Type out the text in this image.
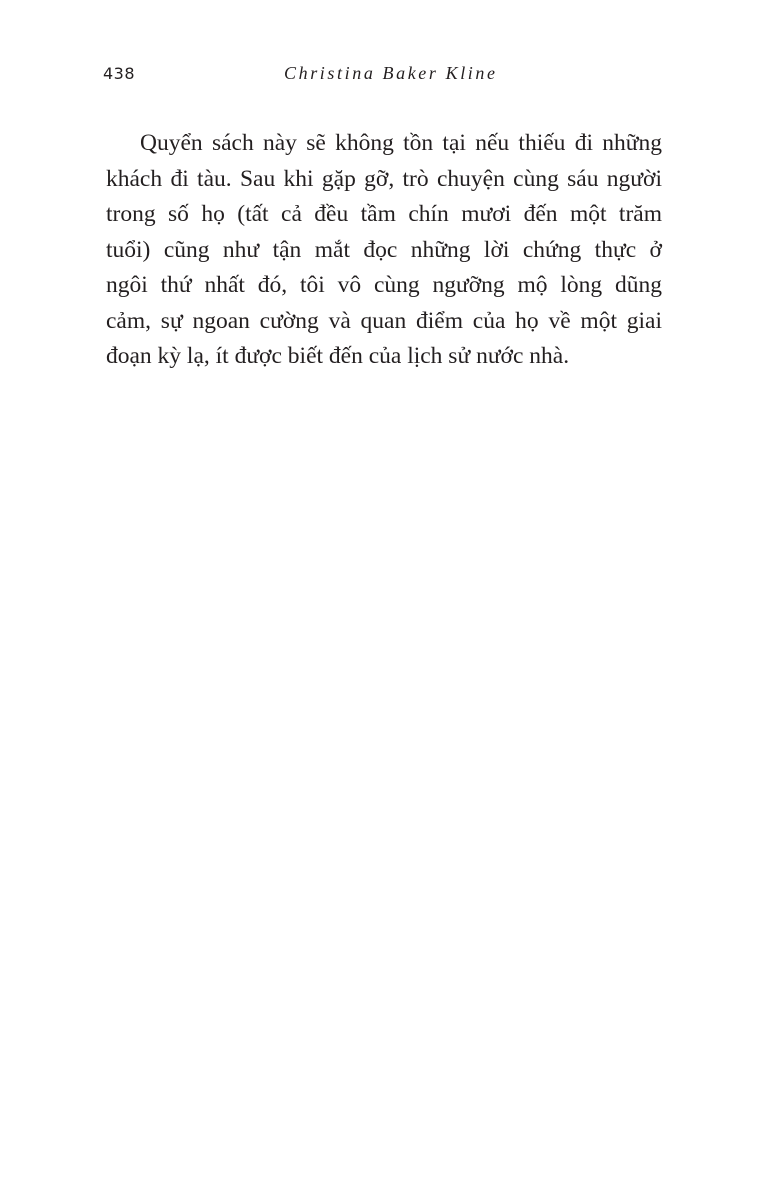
438	Christina Baker Kline

Quyển sách này sẽ không tồn tại nếu thiếu đi những
khách đi tàu. Sau khi gặp gỡ, trò chuyện cùng sáu người
trong số họ (tất cả đều tầm chín mươi đến một trăm
tuổi) cũng như tận mắt đọc những lời chứng thực ở
ngôi thứ nhất đó, tôi vô cùng ngưỡng mộ lòng dũng
cảm, sự ngoan cường và quan điểm của họ về một giai
đoạn kỳ lạ, ít được biết đến của lịch sử nước nhà.
